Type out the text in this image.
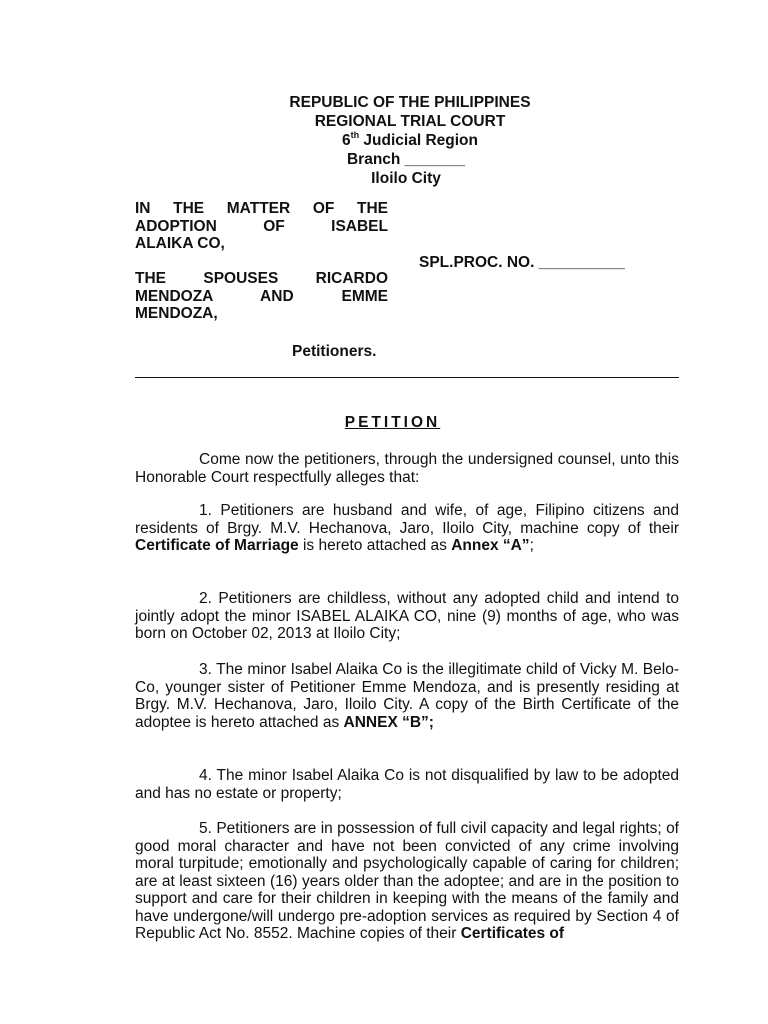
REPUBLIC OF THE PHILIPPINES
REGIONAL TRIAL COURT
6th Judicial Region
Branch _______
Iloilo City
IN THE MATTER OF THE
ADOPTION OF ISABEL
ALAIKA CO,
SPL.PROC. NO. __________
THE SPOUSES RICARDO
MENDOZA AND EMME
MENDOZA,
Petitioners.
PETITION
Come now the petitioners, through the undersigned counsel, unto this Honorable Court respectfully alleges that:
1. Petitioners are husband and wife, of age, Filipino citizens and residents of Brgy. M.V. Hechanova, Jaro, Iloilo City, machine copy of their Certificate of Marriage is hereto attached as Annex “A”;
2. Petitioners are childless, without any adopted child and intend to jointly adopt the minor ISABEL ALAIKA CO, nine (9) months of age, who was born on October 02, 2013 at Iloilo City;
3. The minor Isabel Alaika Co is the illegitimate child of Vicky M. Belo-Co, younger sister of Petitioner Emme Mendoza, and is presently residing at Brgy. M.V. Hechanova, Jaro, Iloilo City. A copy of the Birth Certificate of the adoptee is hereto attached as ANNEX “B”;
4. The minor Isabel Alaika Co is not disqualified by law to be adopted and has no estate or property;
5. Petitioners are in possession of full civil capacity and legal rights; of good moral character and have not been convicted of any crime involving moral turpitude; emotionally and psychologically capable of caring for children; are at least sixteen (16) years older than the adoptee; and are in the position to support and care for their children in keeping with the means of the family and have undergone/will undergo pre-adoption services as required by Section 4 of Republic Act No. 8552. Machine copies of their Certificates of
